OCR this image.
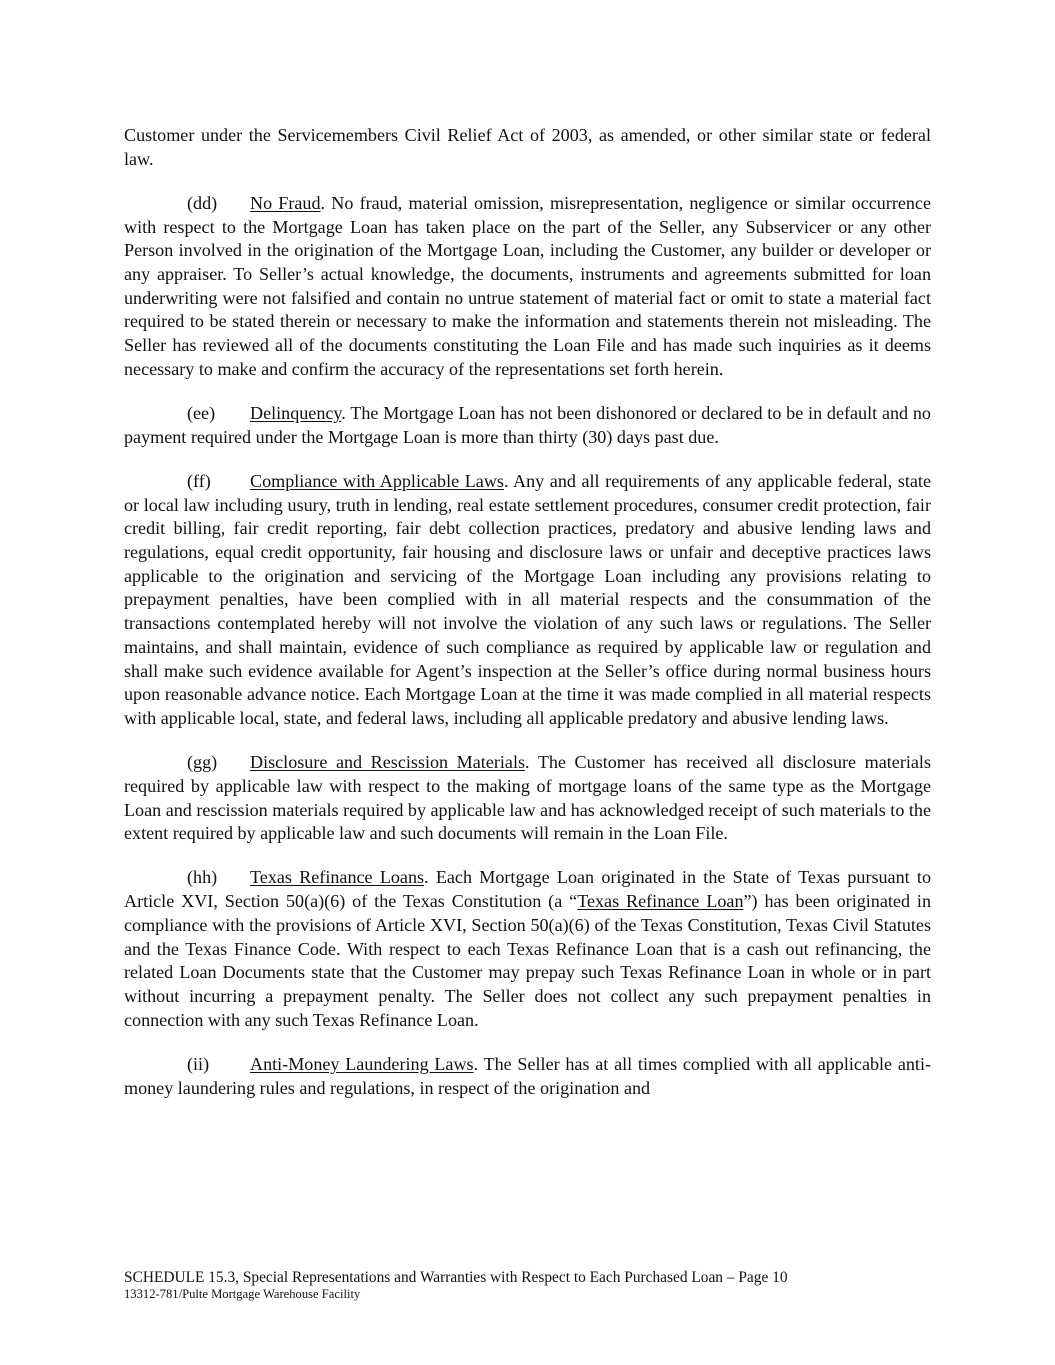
Customer under the Servicemembers Civil Relief Act of 2003, as amended, or other similar state or federal law.

(dd) No Fraud. No fraud, material omission, misrepresentation, negligence or similar occurrence with respect to the Mortgage Loan has taken place on the part of the Seller, any Subservicer or any other Person involved in the origination of the Mortgage Loan, including the Customer, any builder or developer or any appraiser. To Seller’s actual knowledge, the documents, instruments and agreements submitted for loan underwriting were not falsified and contain no untrue statement of material fact or omit to state a material fact required to be stated therein or necessary to make the information and statements therein not misleading. The Seller has reviewed all of the documents constituting the Loan File and has made such inquiries as it deems necessary to make and confirm the accuracy of the representations set forth herein.

(ee) Delinquency. The Mortgage Loan has not been dishonored or declared to be in default and no payment required under the Mortgage Loan is more than thirty (30) days past due.

(ff) Compliance with Applicable Laws. Any and all requirements of any applicable federal, state or local law including usury, truth in lending, real estate settlement procedures, consumer credit protection, fair credit billing, fair credit reporting, fair debt collection practices, predatory and abusive lending laws and regulations, equal credit opportunity, fair housing and disclosure laws or unfair and deceptive practices laws applicable to the origination and servicing of the Mortgage Loan including any provisions relating to prepayment penalties, have been complied with in all material respects and the consummation of the transactions contemplated hereby will not involve the violation of any such laws or regulations. The Seller maintains, and shall maintain, evidence of such compliance as required by applicable law or regulation and shall make such evidence available for Agent’s inspection at the Seller’s office during normal business hours upon reasonable advance notice. Each Mortgage Loan at the time it was made complied in all material respects with applicable local, state, and federal laws, including all applicable predatory and abusive lending laws.

(gg) Disclosure and Rescission Materials. The Customer has received all disclosure materials required by applicable law with respect to the making of mortgage loans of the same type as the Mortgage Loan and rescission materials required by applicable law and has acknowledged receipt of such materials to the extent required by applicable law and such documents will remain in the Loan File.

(hh) Texas Refinance Loans. Each Mortgage Loan originated in the State of Texas pursuant to Article XVI, Section 50(a)(6) of the Texas Constitution (a “Texas Refinance Loan”) has been originated in compliance with the provisions of Article XVI, Section 50(a)(6) of the Texas Constitution, Texas Civil Statutes and the Texas Finance Code. With respect to each Texas Refinance Loan that is a cash out refinancing, the related Loan Documents state that the Customer may prepay such Texas Refinance Loan in whole or in part without incurring a prepayment penalty. The Seller does not collect any such prepayment penalties in connection with any such Texas Refinance Loan.

(ii) Anti-Money Laundering Laws. The Seller has at all times complied with all applicable anti-money laundering rules and regulations, in respect of the origination and

SCHEDULE 15.3, Special Representations and Warranties with Respect to Each Purchased Loan – Page 10
13312-781/Pulte Mortgage Warehouse Facility
